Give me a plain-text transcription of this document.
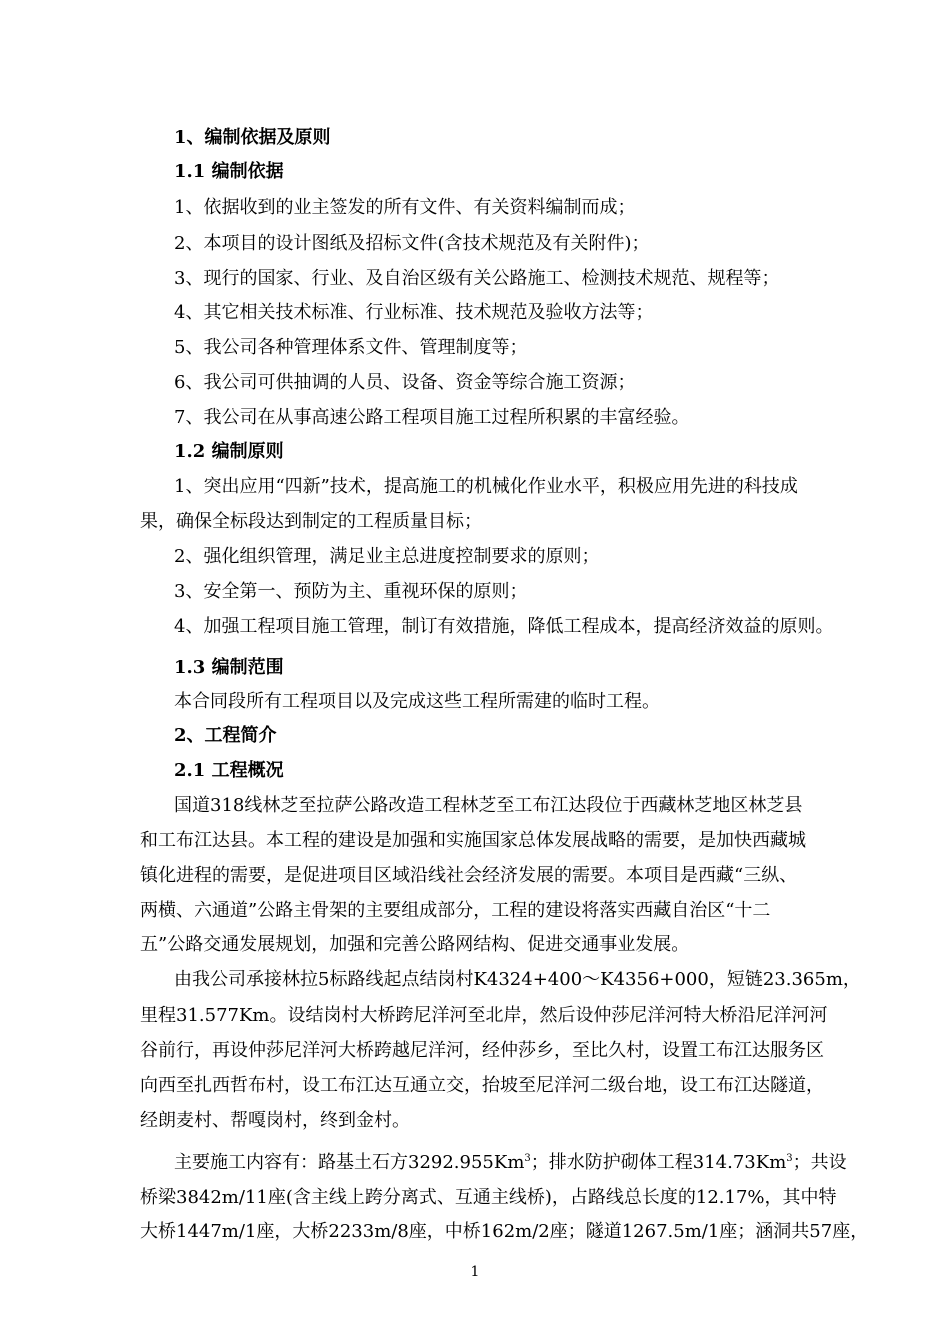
1、编制依据及原则
1.1 编制依据
1、依据收到的业主签发的所有文件、有关资料编制而成；
2、本项目的设计图纸及招标文件(含技术规范及有关附件)；
3、现行的国家、行业、及自治区级有关公路施工、检测技术规范、规程等；
4、其它相关技术标准、行业标准、技术规范及验收方法等；
5、我公司各种管理体系文件、管理制度等；
6、我公司可供抽调的人员、设备、资金等综合施工资源；
7、我公司在从事高速公路工程项目施工过程所积累的丰富经验。
1.2 编制原则
1、突出应用“四新”技术，提高施工的机械化作业水平，积极应用先进的科技成
果，确保全标段达到制定的工程质量目标；
2、强化组织管理，满足业主总进度控制要求的原则；
3、安全第一、预防为主、重视环保的原则；
4、加强工程项目施工管理，制订有效措施，降低工程成本，提高经济效益的原则。
1.3 编制范围
本合同段所有工程项目以及完成这些工程所需建的临时工程。
2、工程简介
2.1 工程概况
国道318线林芝至拉萨公路改造工程林芝至工布江达段位于西藏林芝地区林芝县
和工布江达县。本工程的建设是加强和实施国家总体发展战略的需要，是加快西藏城
镇化进程的需要，是促进项目区域沿线社会经济发展的需要。本项目是西藏“三纵、
两横、六通道”公路主骨架的主要组成部分，工程的建设将落实西藏自治区“十二
五”公路交通发展规划，加强和完善公路网结构、促进交通事业发展。
由我公司承接林拉5标路线起点结岗村K4324+400～K4356+000，短链23.365m，
里程31.577Km。设结岗村大桥跨尼洋河至北岸，然后设仲莎尼洋河特大桥沿尼洋河河
谷前行，再设仲莎尼洋河大桥跨越尼洋河，经仲莎乡，至比久村，设置工布江达服务区
向西至扎西哲布村，设工布江达互通立交，抬坡至尼洋河二级台地，设工布江达隧道，
经朗麦村、帮嘎岗村，终到金村。
主要施工内容有：路基土石方3292.955Km$^3$；排水防护砌体工程314.73Km$^3$；共设
桥梁3842m/11座(含主线上跨分离式、互通主线桥)，占路线总长度的12.17%，其中特
大桥1447m/1座，大桥2233m/8座，中桥162m/2座；隧道1267.5m/1座；涵洞共57座，
1
